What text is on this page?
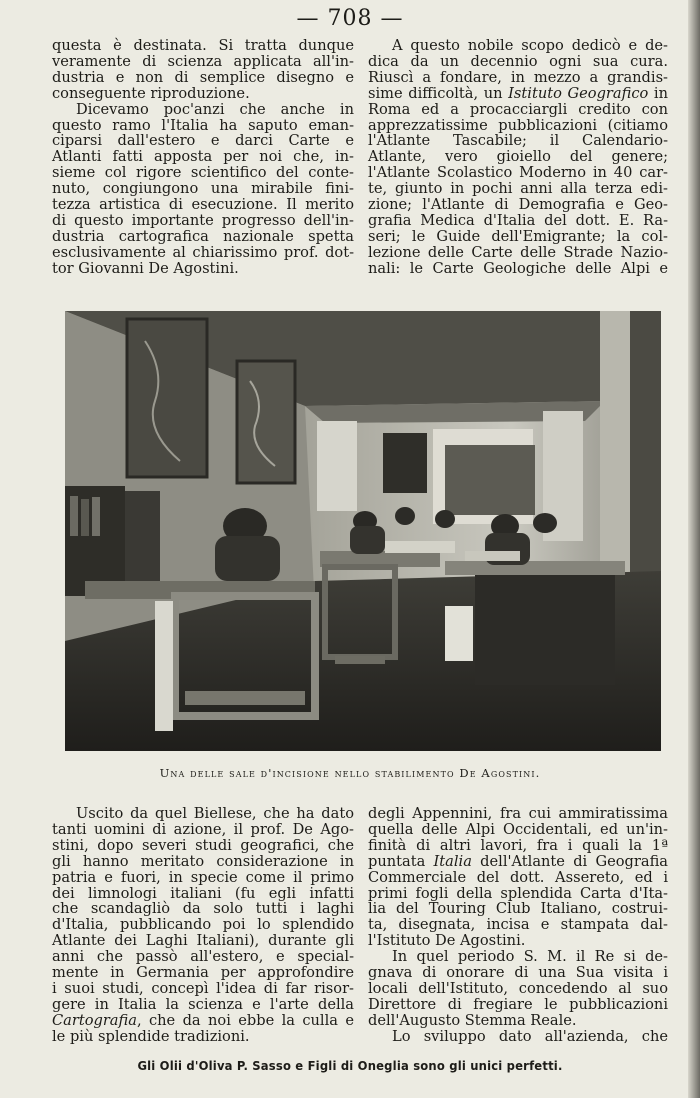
— 708 —
questa è destinata. Si tratta dunque
veramente di scienza applicata all'in-
dustria e non di semplice disegno e
conseguente riproduzione.
Dicevamo poc'anzi che anche in
questo ramo l'Italia ha saputo eman-
ciparsi dall'estero e darci Carte e
Atlanti fatti apposta per noi che, in-
sieme col rigore scientifico del conte-
nuto, congiungono una mirabile fini-
tezza artistica di esecuzione. Il merito
di questo importante progresso dell'in-
dustria cartografica nazionale spetta
esclusivamente al chiarissimo prof. dot-
tor Giovanni De Agostini.
A questo nobile scopo dedicò e de-
dica da un decennio ogni sua cura.
Riuscì a fondare, in mezzo a grandis-
sime difficoltà, un Istituto Geografico in
Roma ed a procacciargli credito con
apprezzatissime pubblicazioni (citiamo
l'Atlante Tascabile; il Calendario-
Atlante, vero gioiello del genere;
l'Atlante Scolastico Moderno in 40 car-
te, giunto in pochi anni alla terza edi-
zione; l'Atlante di Demografia e Geo-
grafia Medica d'Italia del dott. E. Ra-
seri; le Guide dell'Emigrante; la col-
lezione delle Carte delle Strade Nazio-
nali: le Carte Geologiche delle Alpi e
Una delle sale d'incisione nello stabilimento De Agostini.
Uscito da quel Biellese, che ha dato
tanti uomini di azione, il prof. De Ago-
stini, dopo severi studi geografici, che
gli hanno meritato considerazione in
patria e fuori, in specie come il primo
dei limnologi italiani (fu egli infatti
che scandagliò da solo tutti i laghi
d'Italia, pubblicando poi lo splendido
Atlante dei Laghi Italiani), durante gli
anni che passò all'estero, e special-
mente in Germania per approfondire
i suoi studi, concepì l'idea di far risor-
gere in Italia la scienza e l'arte della
Cartografia, che da noi ebbe la culla e
le più splendide tradizioni.
degli Appennini, fra cui ammiratissima
quella delle Alpi Occidentali, ed un'in-
finità di altri lavori, fra i quali la 1ª
puntata Italia dell'Atlante di Geografia
Commerciale del dott. Assereto, ed i
primi fogli della splendida Carta d'Ita-
lia del Touring Club Italiano, costrui-
ta, disegnata, incisa e stampata dal-
l'Istituto De Agostini.
In quel periodo S. M. il Re si de-
gnava di onorare di una Sua visita i
locali dell'Istituto, concedendo al suo
Direttore di fregiare le pubblicazioni
dell'Augusto Stemma Reale.
Lo sviluppo dato all'azienda, che
Gli Olii d'Oliva P. Sasso e Figli di Oneglia sono gli unici perfetti.
